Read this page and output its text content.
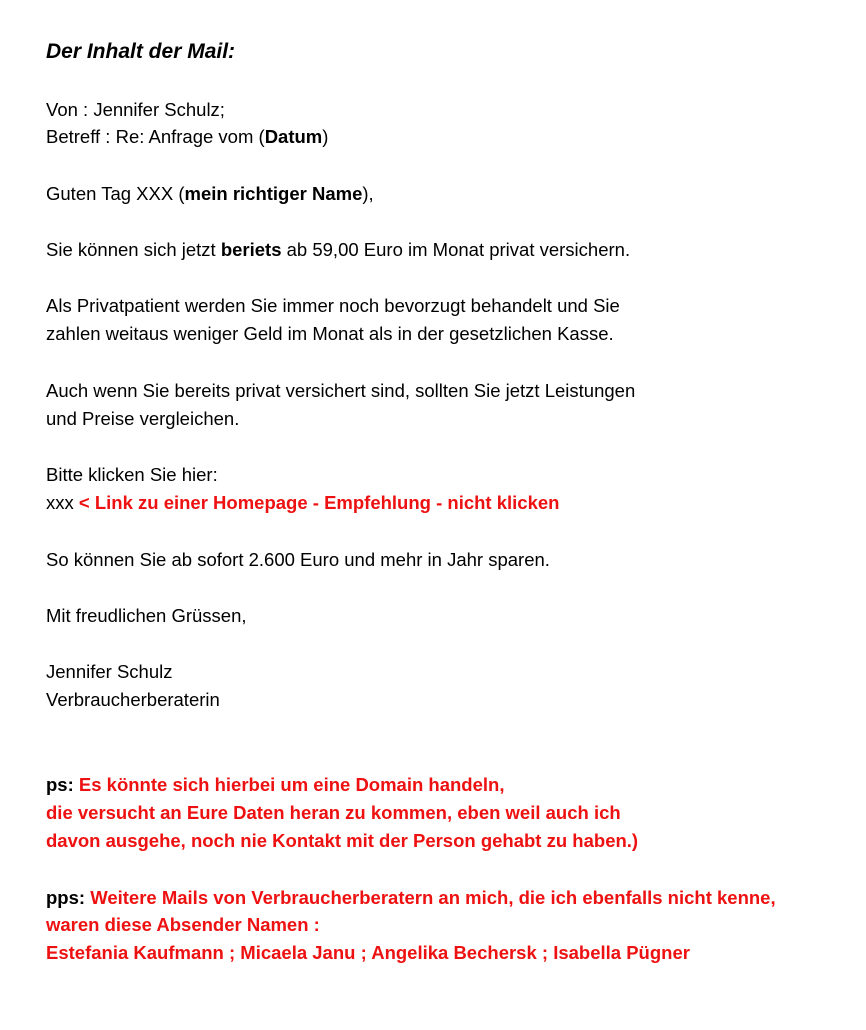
Der Inhalt der Mail:
Von : Jennifer Schulz;
Betreff : Re: Anfrage vom (Datum)
Guten Tag XXX (mein richtiger Name),
Sie können sich jetzt beriets ab 59,00 Euro im Monat privat versichern.
Als Privatpatient werden Sie immer noch bevorzugt behandelt und Sie
zahlen weitaus weniger Geld im Monat als in der gesetzlichen Kasse.
Auch wenn Sie bereits privat versichert sind, sollten Sie jetzt Leistungen
und Preise vergleichen.
Bitte klicken Sie hier:
xxx < Link zu einer Homepage - Empfehlung - nicht klicken
So können Sie ab sofort 2.600 Euro und mehr in Jahr sparen.
Mit freudlichen Grüssen,
Jennifer Schulz
Verbraucherberaterin
ps: Es könnte sich hierbei um eine Domain handeln,
die versucht an Eure Daten heran zu kommen, eben weil auch ich
davon ausgehe, noch nie Kontakt mit der Person gehabt zu haben.)
pps: Weitere Mails von Verbraucherberatern an mich, die ich ebenfalls nicht kenne,
waren diese Absender Namen :
Estefania Kaufmann ; Micaela Janu ; Angelika Bechersk ; Isabella Pügner
